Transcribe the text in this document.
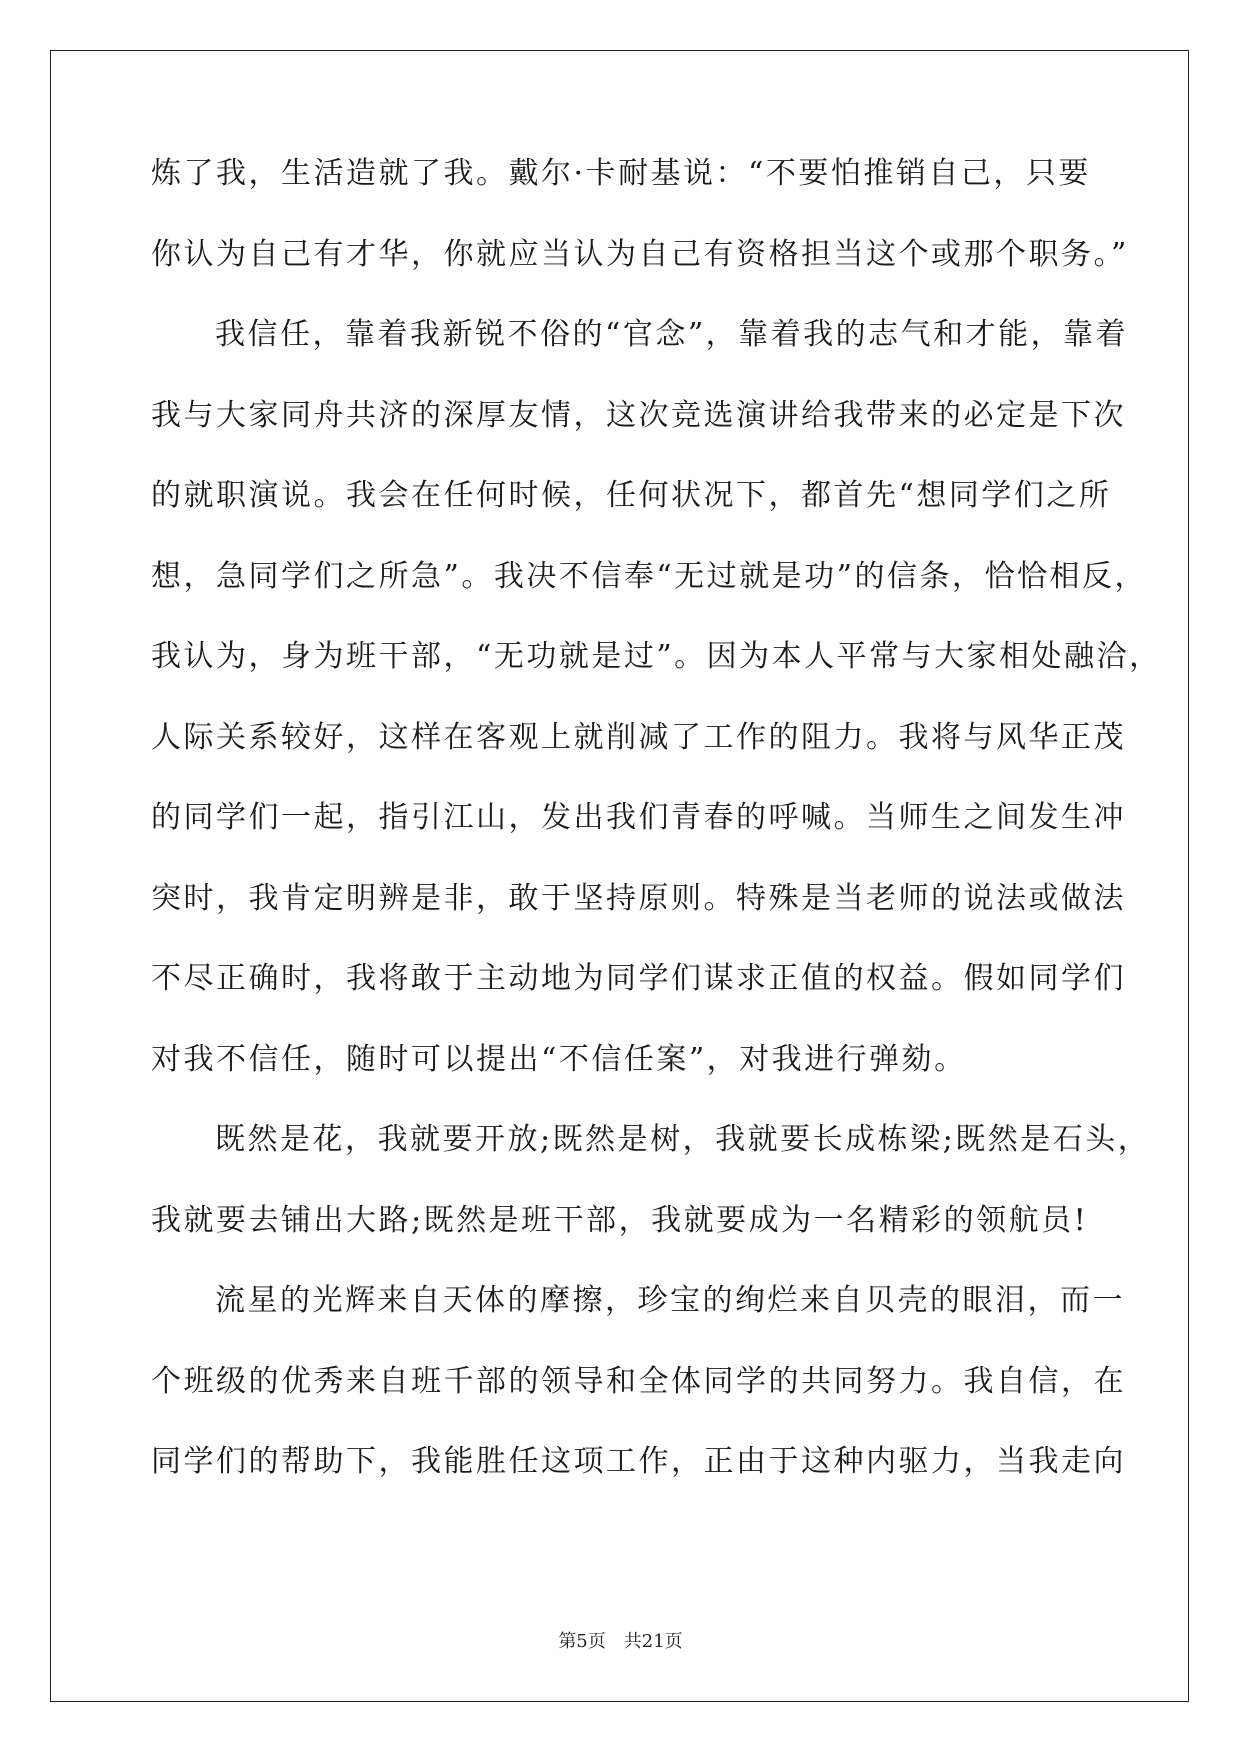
炼了我，生活造就了我。戴尔·卡耐基说：“不要怕推销自己，只要
你认为自己有才华，你就应当认为自己有资格担当这个或那个职务。”
我信任，靠着我新锐不俗的“官念”，靠着我的志气和才能，靠着
我与大家同舟共济的深厚友情，这次竞选演讲给我带来的必定是下次
的就职演说。我会在任何时候，任何状况下，都首先“想同学们之所
想，急同学们之所急”。我决不信奉“无过就是功”的信条，恰恰相反，
我认为，身为班干部，“无功就是过”。因为本人平常与大家相处融洽，
人际关系较好，这样在客观上就削减了工作的阻力。我将与风华正茂
的同学们一起，指引江山，发出我们青春的呼喊。当师生之间发生冲
突时，我肯定明辨是非，敢于坚持原则。特殊是当老师的说法或做法
不尽正确时，我将敢于主动地为同学们谋求正值的权益。假如同学们
对我不信任，随时可以提出“不信任案”，对我进行弹劾。
既然是花，我就要开放;既然是树，我就要长成栋梁;既然是石头，
我就要去铺出大路;既然是班干部，我就要成为一名精彩的领航员!
流星的光辉来自天体的摩擦，珍宝的绚烂来自贝壳的眼泪，而一
个班级的优秀来自班千部的领导和全体同学的共同努力。我自信，在
同学们的帮助下，我能胜任这项工作，正由于这种内驱力，当我走向
第5页 共21页
